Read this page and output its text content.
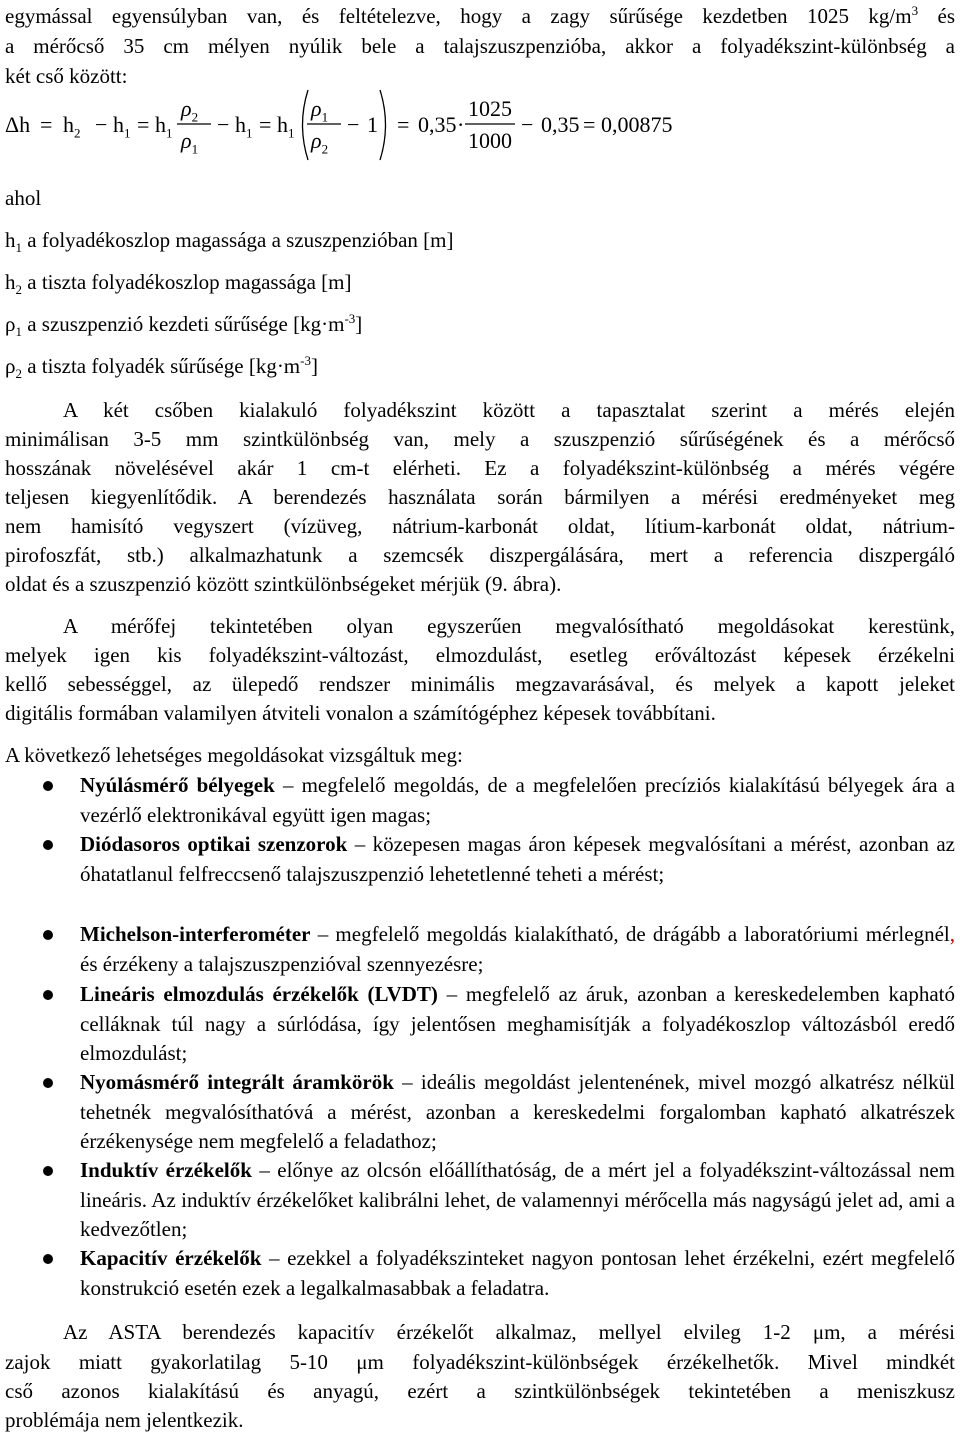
egymással egyensúlyban van, és feltételezve, hogy a zagy sűrűsége kezdetben 1025 $kg/m^3$ és
a mérőcső 35 cm mélyen nyúlik bele a talajszuszpenzióba, akkor a folyadékszint-különbség a
két cső között:
$\Delta h = h_2 - h_1 = h_1$
$\rho_2$
$\rho_1$
− $h_1 = h_1$
$\rho_1$
$\rho_2$
− 1 = 0,35 ·
1025
1000
− 0,35 = 0,00875
ahol
$h_1$ a folyadékoszlop magassága a szuszpenzióban [m]
$h_2$ a tiszta folyadékoszlop magassága [m]
$\rho_1$ a szuszpenzió kezdeti sűrűsége $[kg\cdot m^{-3}]$
$\rho_2$ a tiszta folyadék sűrűsége $[kg\cdot m^{-3}]$
A két csőben kialakuló folyadékszint között a tapasztalat szerint a mérés elején
minimálisan 3-5 mm szintkülönbség van, mely a szuszpenzió sűrűségének és a mérőcső
hosszának növelésével akár 1 cm-t elérheti. Ez a folyadékszint-különbség a mérés végére
teljesen kiegyenlítődik. A berendezés használata során bármilyen a mérési eredményeket meg
nem hamisító vegyszert (vízüveg, nátrium-karbonát oldat, lítium-karbonát oldat, nátrium-
pirofoszfát, stb.) alkalmazhatunk a szemcsék diszpergálására, mert a referencia diszpergáló
oldat és a szuszpenzió között szintkülönbségeket mérjük (9. ábra).
A mérőfej tekintetében olyan egyszerűen megvalósítható megoldásokat kerestünk,
melyek igen kis folyadékszint-változást, elmozdulást, esetleg erőváltozást képesek érzékelni
kellő sebességgel, az ülepedő rendszer minimális megzavarásával, és melyek a kapott jeleket
digitális formában valamilyen átviteli vonalon a számítógéphez képesek továbbítani.
A következő lehetséges megoldásokat vizsgáltuk meg:
Nyúlásmérő bélyegek – megfelelő megoldás, de a megfelelően precíziós kialakítású bélyegek ára a vezérlő elektronikával együtt igen magas;
Diódasoros optikai szenzorok – közepesen magas áron képesek megvalósítani a mérést, azonban az óhatatlanul felfreccsenő talajszuszpenzió lehetetlenné teheti a mérést;
Michelson-interferométer – megfelelő megoldás kialakítható, de drágább a laboratóriumi mérlegnél, és érzékeny a talajszuszpenzióval szennyezésre;
Lineáris elmozdulás érzékelők (LVDT) – megfelelő az áruk, azonban a kereskedelemben kapható celláknak túl nagy a súrlódása, így jelentősen meghamisítják a folyadékoszlop változásból eredő elmozdulást;
Nyomásmérő integrált áramkörök – ideális megoldást jelentenének, mivel mozgó alkatrész nélkül tehetnék megvalósíthatóvá a mérést, azonban a kereskedelmi forgalomban kapható alkatrészek érzékenysége nem megfelelő a feladathoz;
Induktív érzékelők – előnye az olcsón előállíthatóság, de a mért jel a folyadékszint-változással nem lineáris. Az induktív érzékelőket kalibrálni lehet, de valamennyi mérőcella más nagyságú jelet ad, ami a kedvezőtlen;
Kapacitív érzékelők – ezekkel a folyadékszinteket nagyon pontosan lehet érzékelni, ezért megfelelő konstrukció esetén ezek a legalkalmasabbak a feladatra.
Az ASTA berendezés kapacitív érzékelőt alkalmaz, mellyel elvileg 1-2 μm, a mérési
zajok miatt gyakorlatilag 5-10 μm folyadékszint-különbségek érzékelhetők. Mivel mindkét
cső azonos kialakítású és anyagú, ezért a szintkülönbségek tekintetében a meniszkusz
problémája nem jelentkezik.
